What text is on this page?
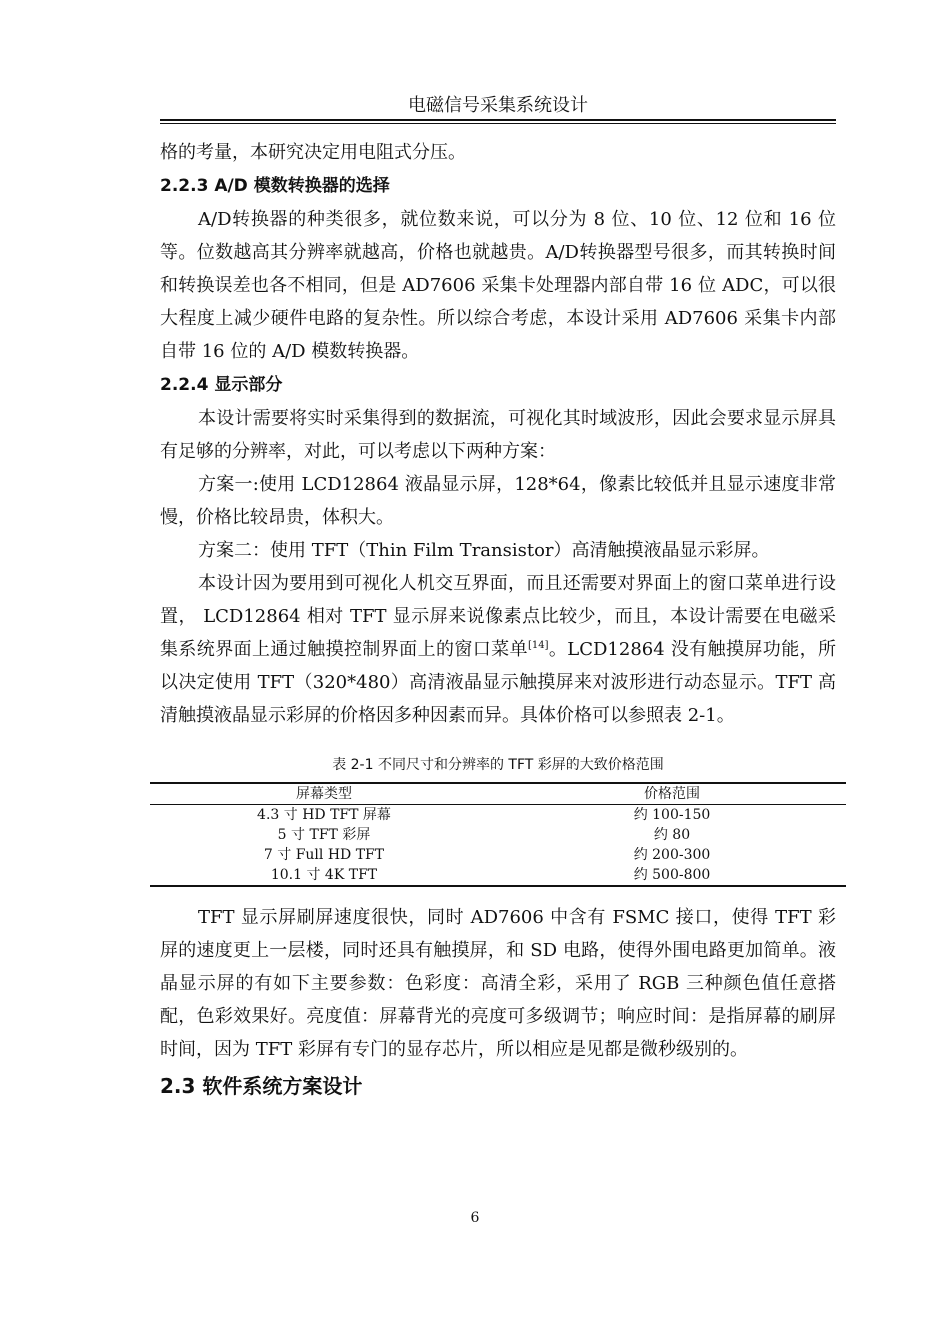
电磁信号采集系统设计

格的考量，本研究决定用电阻式分压。

2.2.3 A/D 模数转换器的选择

A/D转换器的种类很多，就位数来说，可以分为 8 位、10 位、12 位和 16 位等。位数越高其分辨率就越高，价格也就越贵。A/D转换器型号很多，而其转换时间和转换误差也各不相同，但是 AD7606 采集卡处理器内部自带 16 位 ADC，可以很大程度上减少硬件电路的复杂性。所以综合考虑，本设计采用 AD7606 采集卡内部自带 16 位的 A/D 模数转换器。

2.2.4 显示部分

本设计需要将实时采集得到的数据流，可视化其时域波形，因此会要求显示屏具有足够的分辨率，对此，可以考虑以下两种方案：

方案一:使用 LCD12864 液晶显示屏，128*64，像素比较低并且显示速度非常慢，价格比较昂贵，体积大。

方案二：使用 TFT（Thin Film Transistor）高清触摸液晶显示彩屏。

本设计因为要用到可视化人机交互界面，而且还需要对界面上的窗口菜单进行设置， LCD12864 相对 TFT 显示屏来说像素点比较少，而且，本设计需要在电磁采集系统界面上通过触摸控制界面上的窗口菜单[14]。LCD12864 没有触摸屏功能，所以决定使用 TFT（320*480）高清液晶显示触摸屏来对波形进行动态显示。TFT 高清触摸液晶显示彩屏的价格因多种因素而异。具体价格可以参照表 2-1。

表 2-1 不同尺寸和分辨率的 TFT 彩屏的大致价格范围
屏幕类型	价格范围
4.3 寸 HD TFT 屏幕	约 100-150
5 寸 TFT 彩屏	约 80
7 寸 Full HD TFT	约 200-300
10.1 寸 4K TFT	约 500-800

TFT 显示屏刷屏速度很快，同时 AD7606 中含有 FSMC 接口，使得 TFT 彩屏的速度更上一层楼，同时还具有触摸屏，和 SD 电路，使得外围电路更加简单。液晶显示屏的有如下主要参数：色彩度：高清全彩，采用了 RGB 三种颜色值任意搭配，色彩效果好。亮度值：屏幕背光的亮度可多级调节；响应时间：是指屏幕的刷屏时间，因为 TFT 彩屏有专门的显存芯片，所以相应是见都是微秒级别的。

2.3 软件系统方案设计
6
